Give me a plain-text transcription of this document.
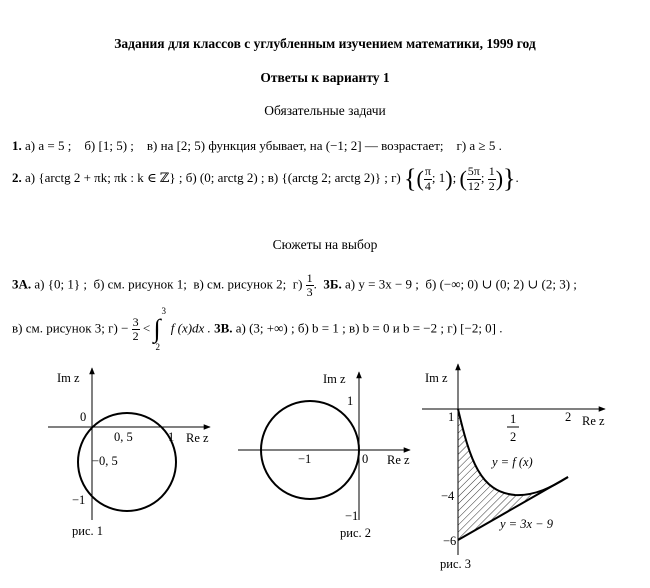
Задания для классов с углубленным изучением математики, 1999 год
Ответы к варианту 1
Обязательные задачи
1. а) a = 5 ; б) [1; 5) ; в) на [2; 5) функция убывает, на (−1; 2] — возрастает; г) a ≥ 5 .
2. а) {arctg 2 + πk; πk : k ∈ ℤ} ; б) (0; arctg 2) ; в) {(arctg 2; arctg 2)} ; г) {( $\frac{\pi}{4}$ ; 1); ( $\frac{5\pi}{12}$ ; $\frac{1}{2}$ )}.
Сюжеты на выбор
3А. а) {0; 1} ; б) см. рисунок 1; в) см. рисунок 2; $г) \frac{1}{3}$ .  3Б. а) y = 3x − 9 ; б) (−∞; 0) ∪ (0; 2) ∪ (2; 3) ;
в) см. рисунок 3; $г) - \frac{3}{2}$ < ∫
3
2
f (x)dx . 3В. а) (3; +∞) ; б) b = 1 ; в) b = 0 и b = −2 ; г) [−2; 0] .
Im z
Re z
0
0, 5	1
−0, 5
−1
рис. 1
Im z
Re z
1
−1	0
−1
рис. 2
Im z
Re z
1	2
1
2
−4
−6
y = f (x)
y = 3x − 9
рис. 3
